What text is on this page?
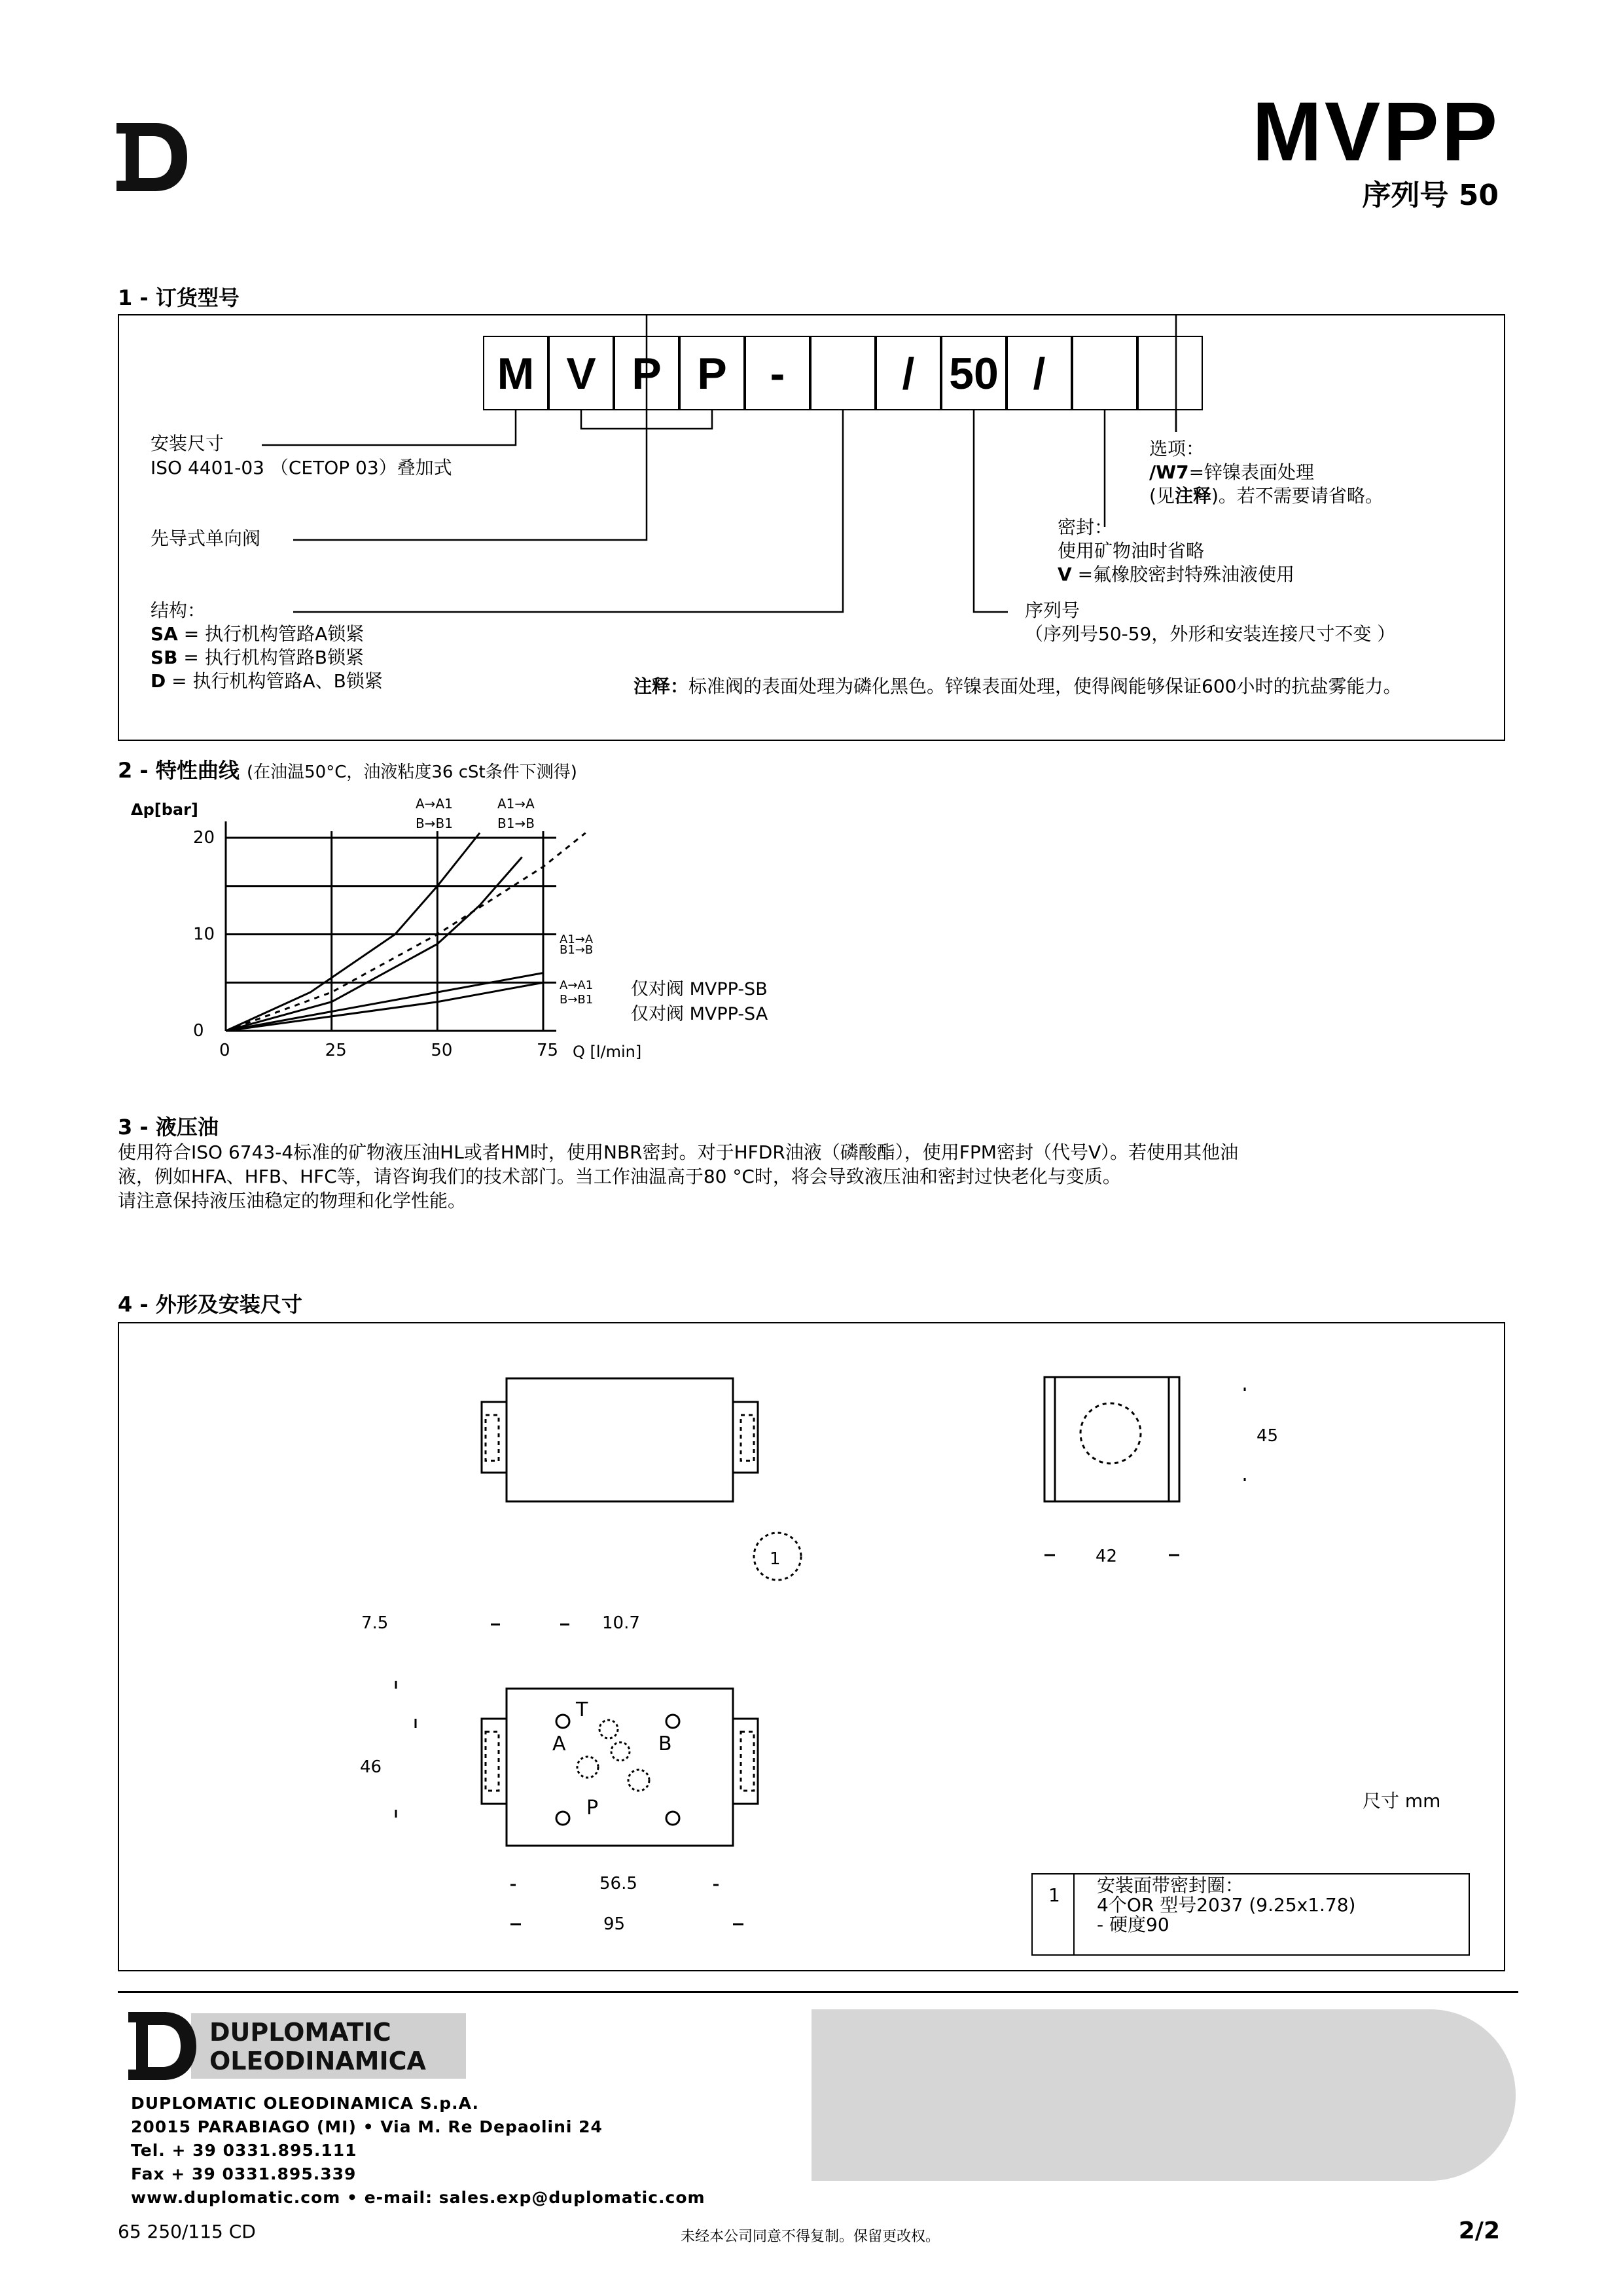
MVPP
序列号 50
1 - 订货型号
M V P P -	/ 50 /
安装尺寸
ISO 4401-03 （CETOP 03）叠加式
先导式单向阀
结构：
SA = 执行机构管路A锁紧
SB = 执行机构管路B锁紧
D = 执行机构管路A、B锁紧
选项：
/W7=锌镍表面处理
(见注释)。若不需要请省略。
密封：
使用矿物油时省略
V =氟橡胶密封特殊油液使用
序列号
（序列号50-59，外形和安装连接尺寸不变 ）
注释：标准阀的表面处理为磷化黑色。锌镍表面处理，使得阀能够保证600小时的抗盐雾能力。
2 - 特性曲线 (在油温50°C，油液粘度36 cSt条件下测得)
0
10
20
0	25	50	75
Δp[bar]
Q [l/min]
A→A1
B→B1
A1→A
B1→B
A1→A
B1→B
A→A1
B→B1
仅对阀 MVPP-SB
仅对阀 MVPP-SA
3 - 液压油
使用符合ISO 6743-4标准的矿物液压油HL或者HM时，使用NBR密封。对于HFDR油液（磷酸酯），使用FPM密封（代号V）。若使用其他油
液，例如HFA、HFB、HFC等，请咨询我们的技术部门。当工作油温高于80 °C时，将会导致液压油和密封过快老化与变质。
请注意保持液压油稳定的物理和化学性能。
4 - 外形及安装尺寸
45
42
1
7.5	10.7
46
56.5
95
T
A	B
P	尺寸 mm
1 安装面带密封圈：
4个OR 型号2037 (9.25x1.78)
- 硬度90
DUPLOMATIC
OLEODINAMICA
DUPLOMATIC OLEODINAMICA S.p.A.
20015 PARABIAGO (MI) • Via M. Re Depaolini 24
Tel. + 39 0331.895.111
Fax + 39 0331.895.339
www.duplomatic.com • e-mail: sales.exp@duplomatic.com
65 250/115 CD	未经本公司同意不得复制。保留更改权。	2/2
